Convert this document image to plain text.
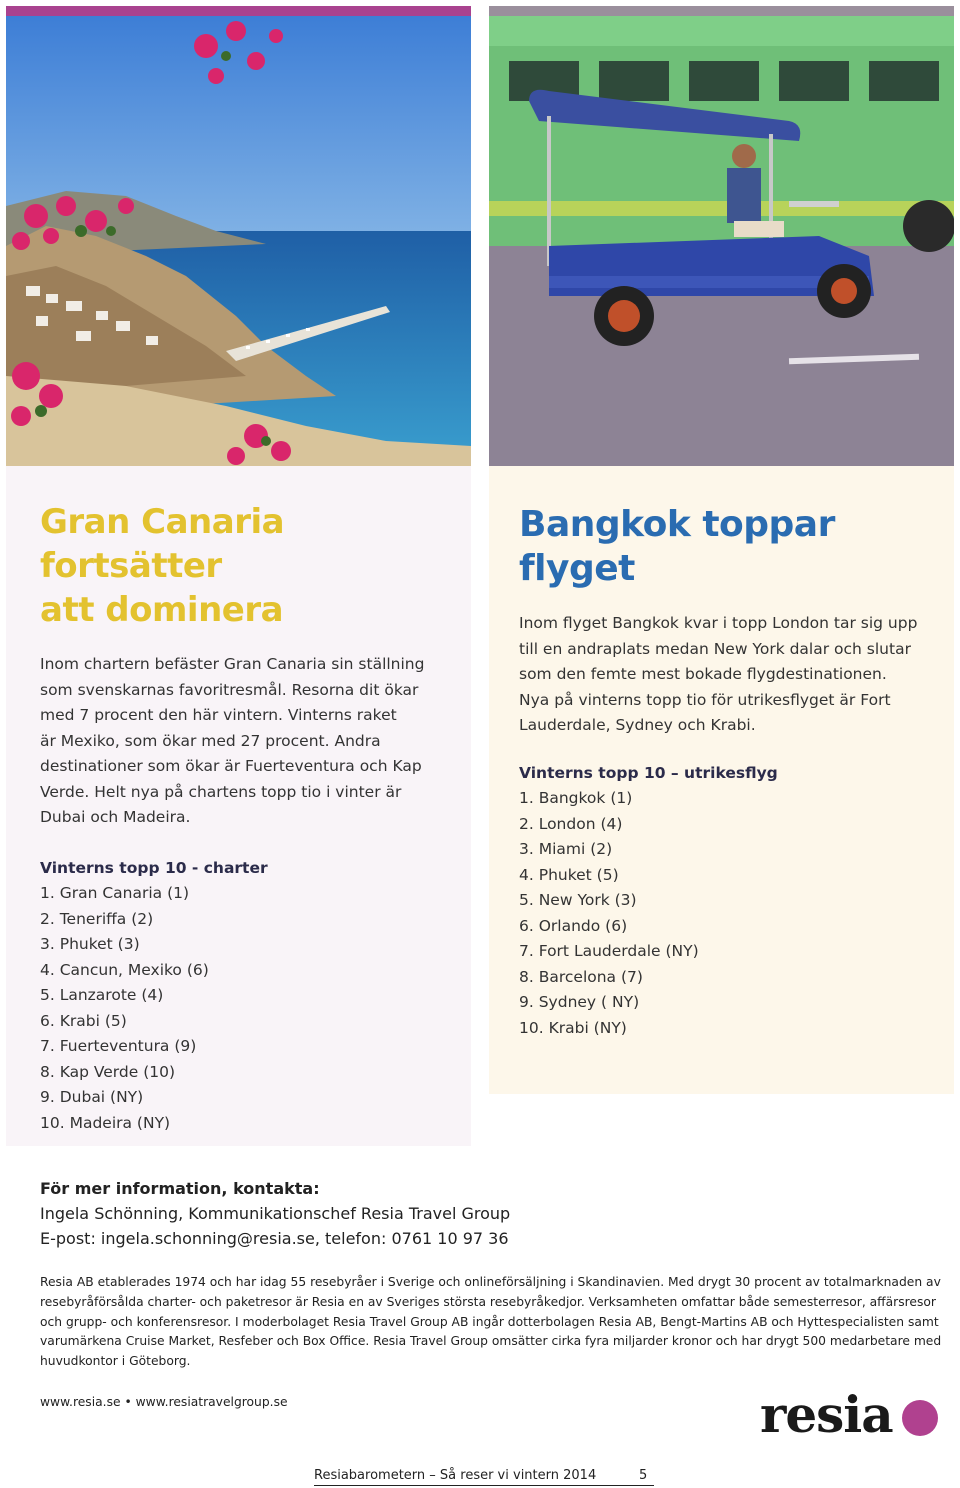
Gran Canaria fortsätter
att dominera
Inom chartern befäster Gran Canaria sin ställning
som svenskarnas favoritresmål. Resorna dit ökar
med 7 procent den här vintern. Vinterns raket
är Mexiko, som ökar med 27 procent. Andra
destinationer som ökar är Fuerteventura och Kap
Verde. Helt nya på chartens topp tio i vinter är
Dubai och Madeira.
Vinterns topp 10 - charter
1. Gran Canaria (1)
2. Teneriffa (2)
3. Phuket (3)
4. Cancun, Mexiko (6)
5. Lanzarote (4)
6. Krabi (5)
7. Fuerteventura (9)
8. Kap Verde (10)
9. Dubai (NY)
10. Madeira (NY)
Bangkok toppar flyget
Inom flyget Bangkok kvar i topp London tar sig upp
till en andraplats medan New York dalar och slutar
som den femte mest bokade flygdestinationen.
Nya på vinterns topp tio för utrikesflyget är Fort
Lauderdale, Sydney och Krabi.
Vinterns topp 10 – utrikesflyg
1. Bangkok (1)
2. London (4)
3. Miami (2)
4. Phuket (5)
5. New York (3)
6. Orlando (6)
7. Fort Lauderdale (NY)
8. Barcelona (7)
9. Sydney ( NY)
10. Krabi (NY)
För mer information, kontakta:
Ingela Schönning, Kommunikationschef Resia Travel Group
E-post: ingela.schonning@resia.se, telefon: 0761 10 97 36
Resia AB etablerades 1974 och har idag 55 resebyråer i Sverige och onlineförsäljning i Skandinavien. Med drygt 30 procent av totalmarknaden av
resebyråförsålda charter- och paketresor är Resia en av Sveriges största resebyråkedjor. Verksamheten omfattar både semesterresor, affärsresor
och grupp- och konferensresor. I moderbolaget Resia Travel Group AB ingår dotterbolagen Resia AB, Bengt-Martins AB och Hyttespecialisten samt
varumärkena Cruise Market, Resfeber och Box Office. Resia Travel Group omsätter cirka fyra miljarder kronor och har drygt 500 medarbetare med
huvudkontor i Göteborg.
www.resia.se • www.resiatravelgroup.se	resia
Resiabarometern – Så reser vi vintern 2014	5
